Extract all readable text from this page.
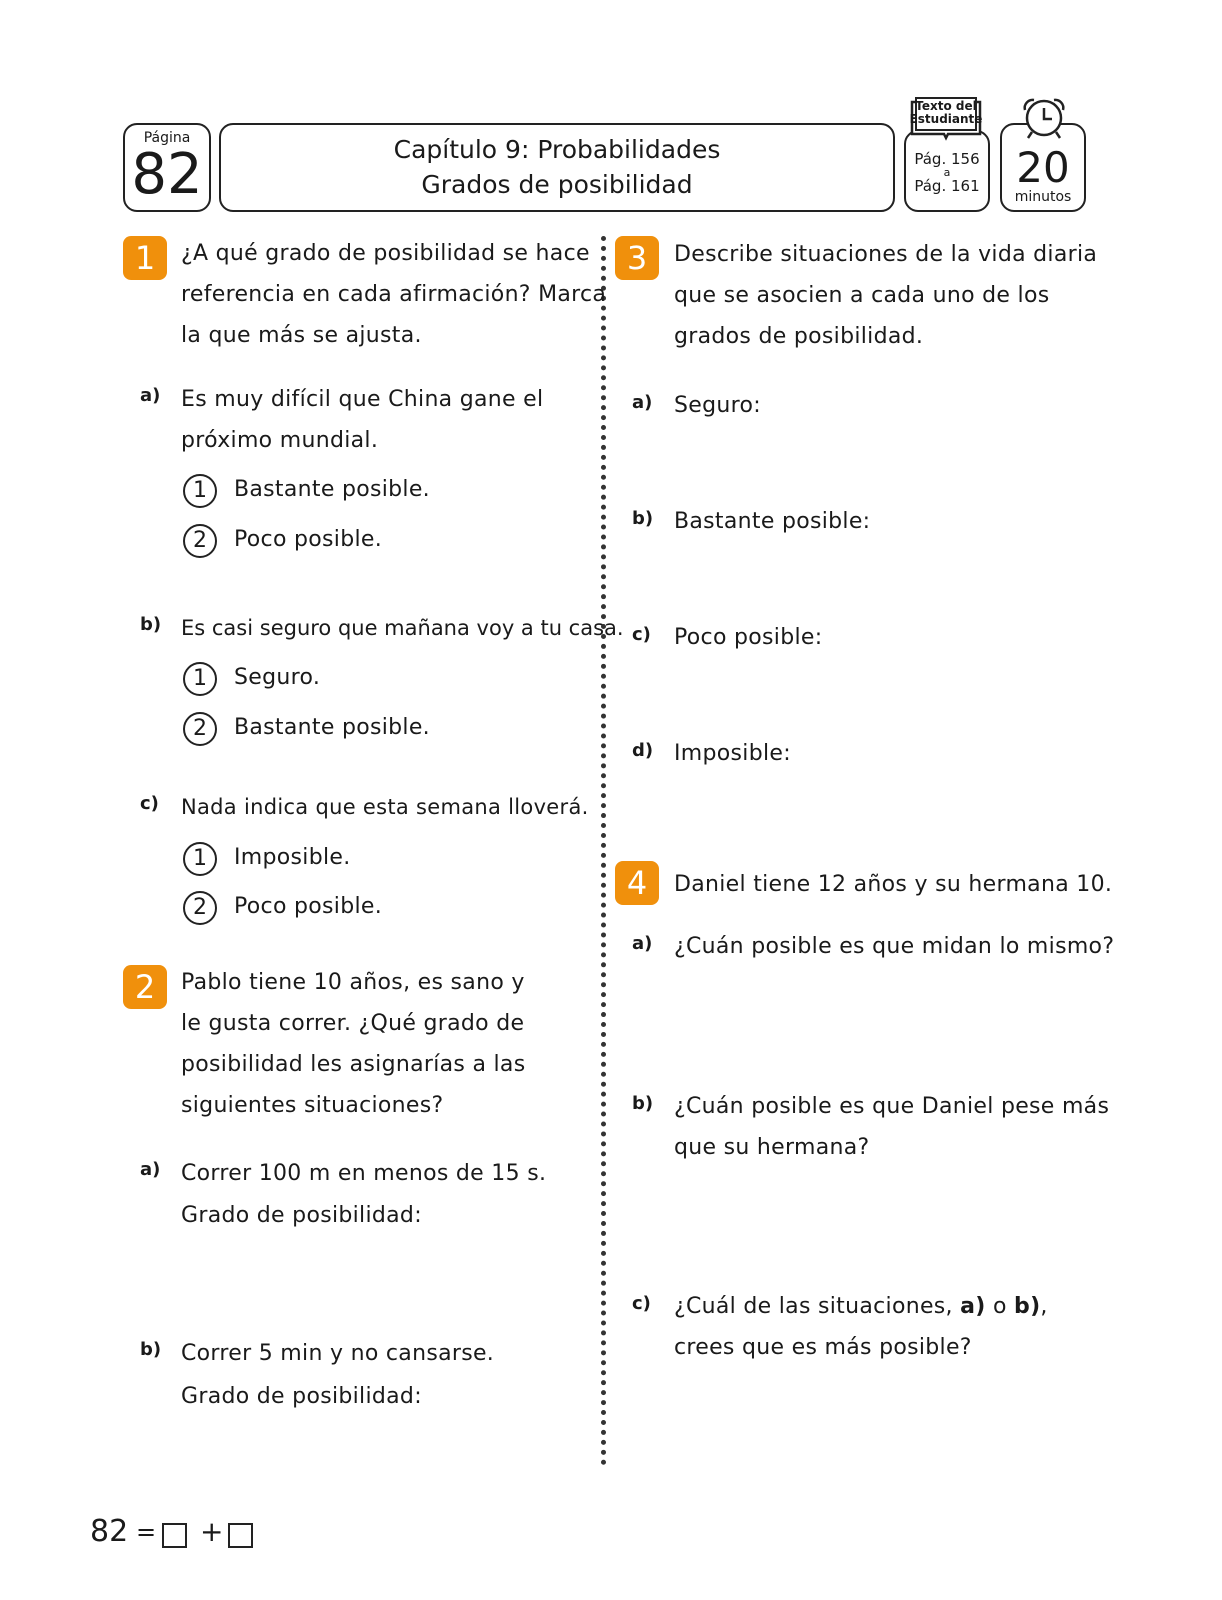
Página
82	Capítulo 9: Probabilidades
Grados de posibilidad
Pág. 156
a
Pág. 161
Texto del Estudiante
20
minutos
1	¿A qué grado de posibilidad se hace
referencia en cada afirmación? Marca
la que más se ajusta.
a) Es muy difícil que China gane el
próximo mundial.
1	Bastante posible.
2	Poco posible.
b) Es casi seguro que mañana voy a tu casa.
1	Seguro.
2	Bastante posible.
c) Nada indica que esta semana lloverá.
1	Imposible.
2	Poco posible.
2	Pablo tiene 10 años, es sano y
le gusta correr. ¿Qué grado de
posibilidad les asignarías a las
siguientes situaciones?
a) Correr 100 m en menos de 15 s.
Grado de posibilidad:
b) Correr 5 min y no cansarse.
Grado de posibilidad:
3	Describe situaciones de la vida diaria
que se asocien a cada uno de los
grados de posibilidad.
a) Seguro:
b) Bastante posible:
c) Poco posible:
d) Imposible:
4	Daniel tiene 12 años y su hermana 10.
a) ¿Cuán posible es que midan lo mismo?
b) ¿Cuán posible es que Daniel pese más
que su hermana?
c) ¿Cuál de las situaciones, a) o b),
crees que es más posible?
82 = +
